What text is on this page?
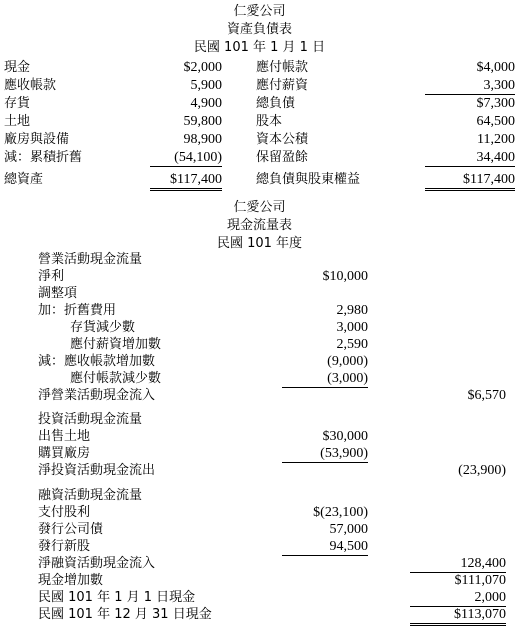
仁愛公司
資產負債表
民國 101 年 1 月 1 日
現金
應收帳款
存貨
土地
廠房與設備
減：累積折舊
總資產
$2,000
5,900
4,900
59,800
98,900
(54,100)
$117,400
應付帳款
應付薪資
總負債
股本
資本公積
保留盈餘
總負債與股東權益
$4,000
3,300
$7,300
64,500
11,200
34,400
$117,400
仁愛公司
現金流量表
民國 101 年度
營業活動現金流量
淨利
調整項
加：折舊費用
存貨減少數
應付薪資增加數
減：應收帳款增加數
應付帳款減少數
淨營業活動現金流入
投資活動現金流量
出售土地
購買廠房
淨投資活動現金流出
融資活動現金流量
支付股利
發行公司債
發行新股
淨融資活動現金流入
現金增加數
民國 101 年 1 月 1 日現金
民國 101 年 12 月 31 日現金
$10,000
2,980
3,000
2,590
(9,000)
(3,000)
$30,000
(53,900)
$(23,100)
57,000
94,500
$6,570
(23,900)
128,400
$111,070
2,000
$113,070
